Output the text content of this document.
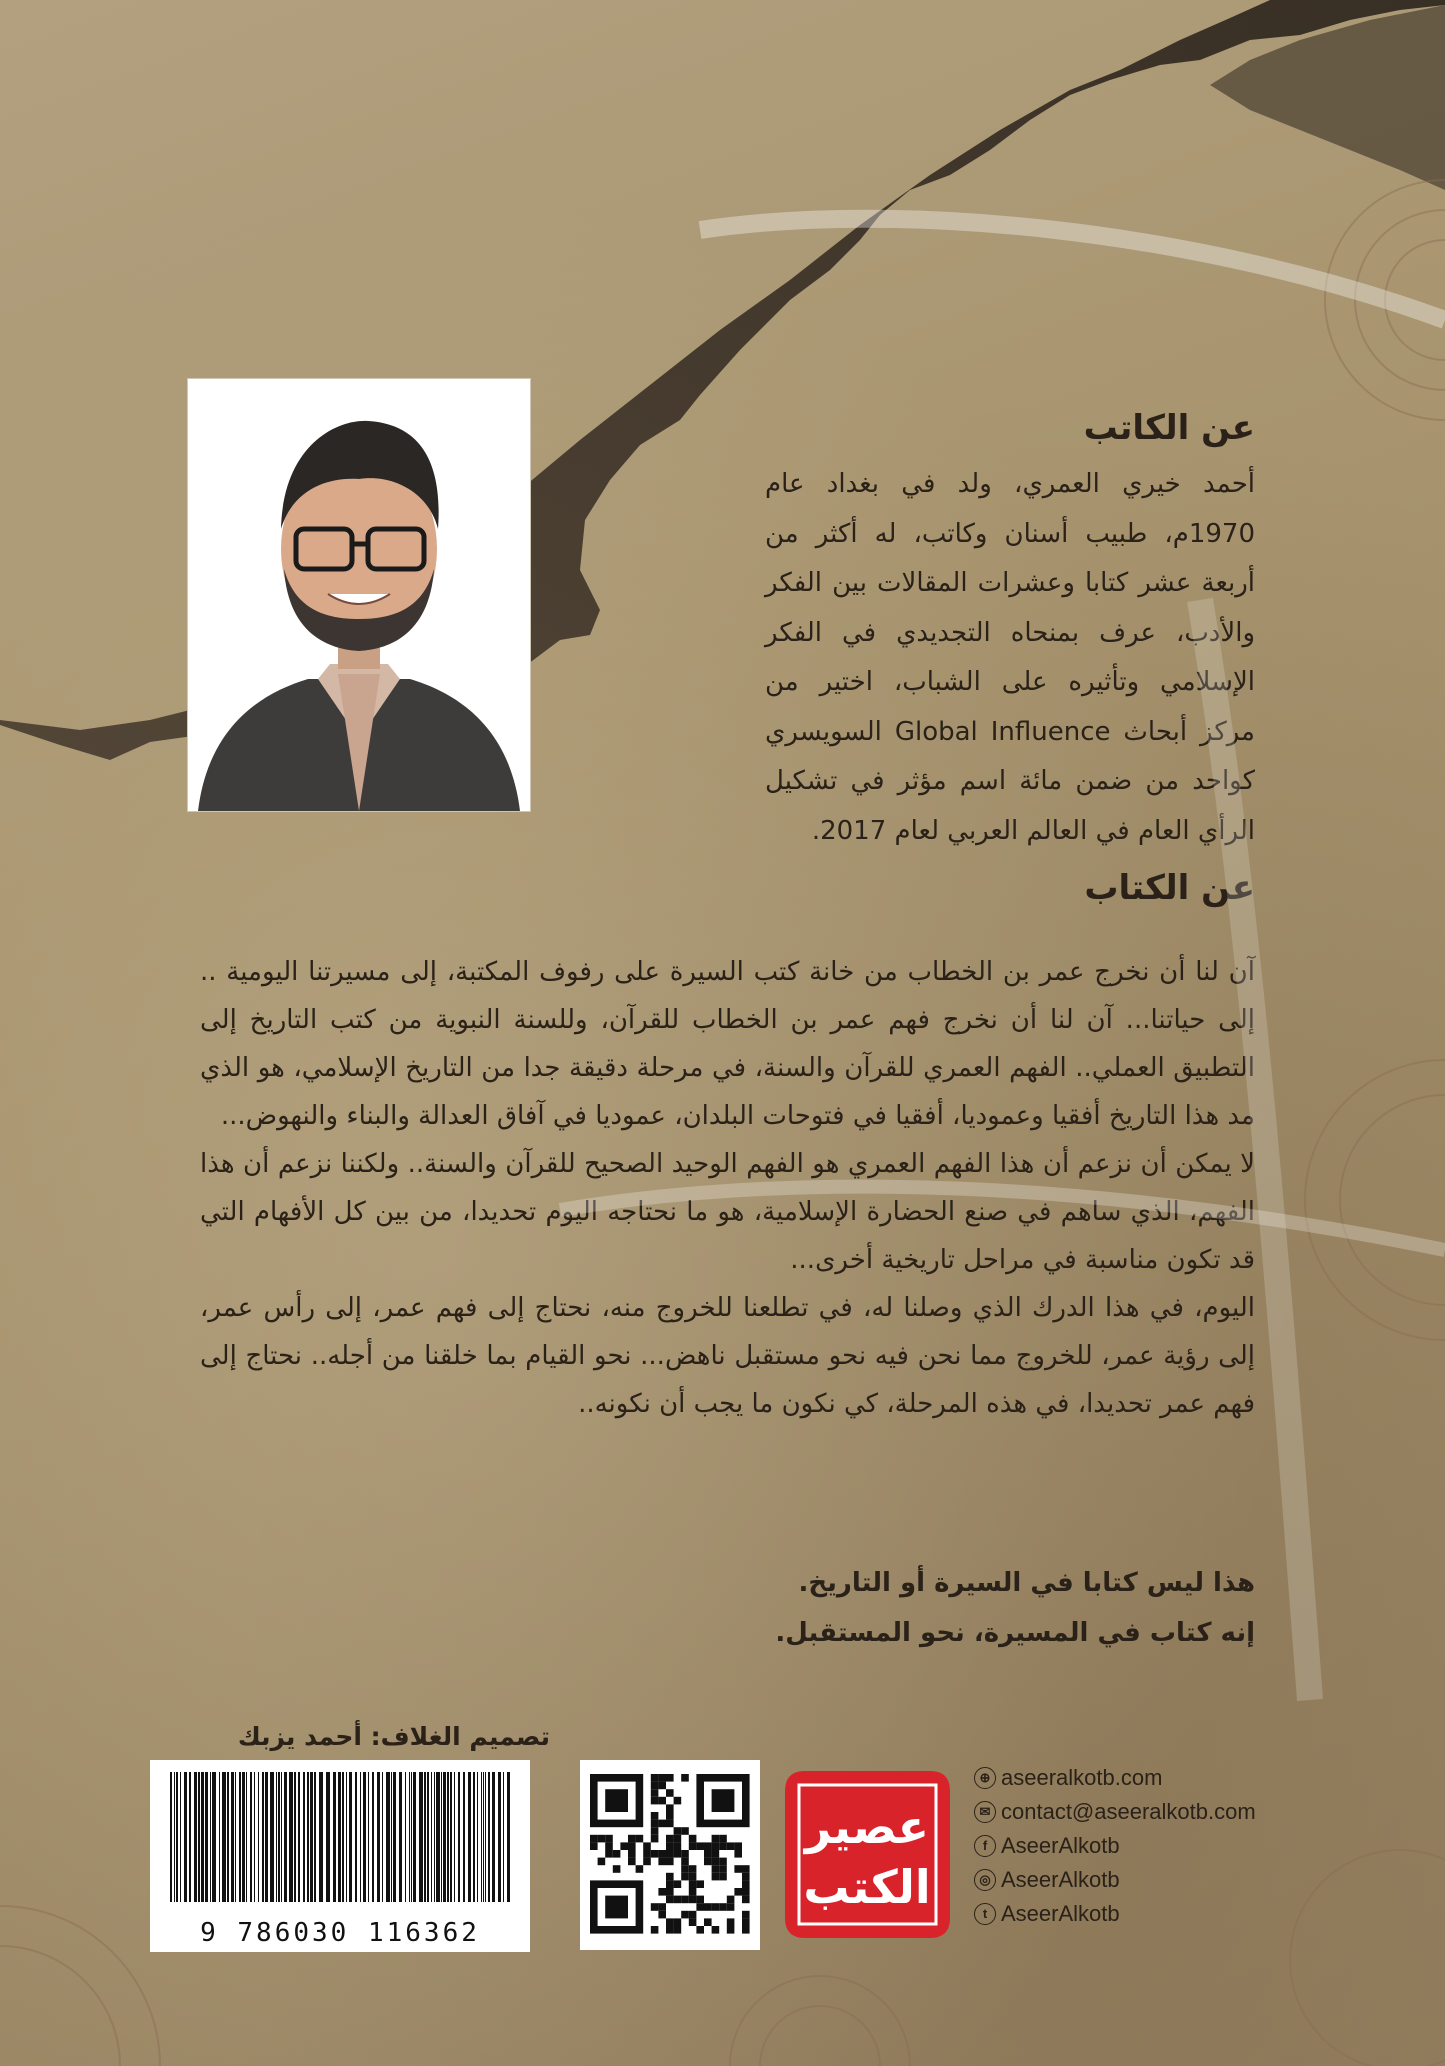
عن الكاتب

أحمد خيري العمري، ولد في بغداد عام 1970م، طبيب أسنان وكاتب، له أكثر من أربعة عشر كتابا وعشرات المقالات بين الفكر والأدب، عرف بمنحاه التجديدي في الفكر الإسلامي وتأثيره على الشباب، اختير من مركز أبحاث Global Influence السويسري كواحد من ضمن مائة اسم مؤثر في تشكيل الرأي العام في العالم العربي لعام 2017.

عن الكتاب

آن لنا أن نخرج عمر بن الخطاب من خانة كتب السيرة على رفوف المكتبة، إلى مسيرتنا اليومية .. إلى حياتنا... آن لنا أن نخرج فهم عمر بن الخطاب للقرآن، وللسنة النبوية من كتب التاريخ إلى التطبيق العملي.. الفهم العمري للقرآن والسنة، في مرحلة دقيقة جدا من التاريخ الإسلامي، هو الذي مد هذا التاريخ أفقيا وعموديا، أفقيا في فتوحات البلدان، عموديا في آفاق العدالة والبناء والنهوض...

لا يمكن أن نزعم أن هذا الفهم العمري هو الفهم الوحيد الصحيح للقرآن والسنة.. ولكننا نزعم أن هذا الفهم، الذي ساهم في صنع الحضارة الإسلامية، هو ما نحتاجه اليوم تحديدا، من بين كل الأفهام التي قد تكون مناسبة في مراحل تاريخية أخرى...

اليوم، في هذا الدرك الذي وصلنا له، في تطلعنا للخروج منه، نحتاج إلى فهم عمر، إلى رأس عمر، إلى رؤية عمر، للخروج مما نحن فيه نحو مستقبل ناهض... نحو القيام بما خلقنا من أجله.. نحتاج إلى فهم عمر تحديدا، في هذه المرحلة، كي نكون ما يجب أن نكونه..

هذا ليس كتابا في السيرة أو التاريخ.

إنه كتاب في المسيرة، نحو المستقبل.

تصميم الغلاف: أحمد يزبك
9 786030 116362
عصير
الكتب
⊕ aseeralkotb.com
✉ contact@aseeralkotb.com
f AseerAlkotb
◎ AseerAlkotb
t AseerAlkotb
